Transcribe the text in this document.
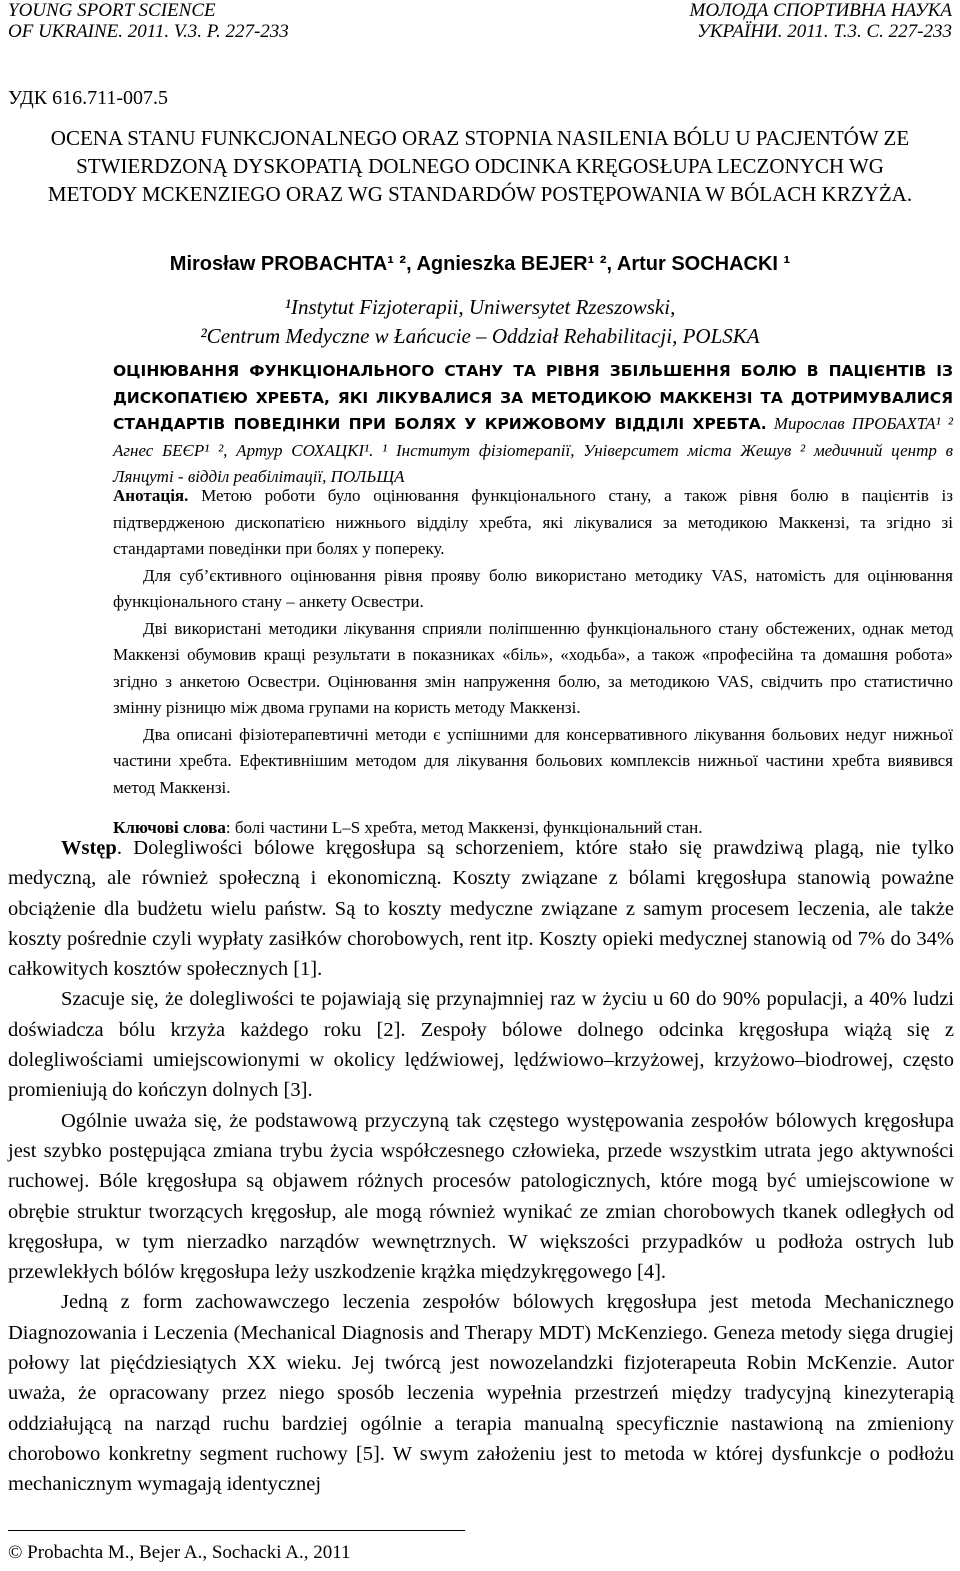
YOUNG SPORT SCIENCE
OF UKRAINE. 2011. V.3. P. 227-233
МОЛОДА СПОРТИВНА НАУКА
УКРАЇНИ. 2011. Т.3. С. 227-233
УДК 616.711-007.5
OCENA STANU FUNKCJONALNEGO ORAZ STOPNIA NASILENIA BÓLU U PACJENTÓW ZE STWIERDZONĄ DYSKOPATIĄ DOLNEGO ODCINKA KRĘGOSŁUPA LECZONYCH WG METODY MCKENZIEGO ORAZ WG STANDARDÓW POSTĘPOWANIA W BÓLACH KRZYŻA.
Mirosław PROBACHTA¹ ², Agnieszka BEJER¹ ², Artur SOCHACKI ¹
¹Instytut Fizjoterapii, Uniwersytet Rzeszowski,
²Centrum Medyczne w Łańcucie – Oddział Rehabilitacji, POLSKA
ОЦІНЮВАННЯ ФУНКЦІОНАЛЬНОГО СТАНУ ТА РІВНЯ ЗБІЛЬШЕННЯ БОЛЮ В ПАЦІЄНТІВ ІЗ ДИСКОПАТІЄЮ ХРЕБТА, ЯКІ ЛІКУВАЛИСЯ ЗА МЕТОДИКОЮ МАККЕНЗІ ТА ДОТРИМУВАЛИСЯ СТАНДАРТІВ ПОВЕДІНКИ ПРИ БОЛЯХ У КРИЖОВОМУ ВІДДІЛІ ХРЕБТА. Мирослав ПРОБАХТА¹ ² Агнес БЕЄР¹ ², Артур СОХАЦКІ¹. ¹ Інститут фізіотерапії, Університет міста Жешув ² медичний центр в Лянцуті - відділ реабілітації, ПОЛЬЩА

Анотація. Метою роботи було оцінювання функціонального стану, а також рівня болю в пацієнтів із підтвердженою дископатією нижнього відділу хребта, які лікувалися за методикою Маккензі, та згідно зі стандартами поведінки при болях у попереку.

Для суб’єктивного оцінювання рівня прояву болю використано методику VAS, натомість для оцінювання функціонального стану – анкету Освестри.

Дві використані методики лікування сприяли поліпшенню функціонального стану обстежених, однак метод Маккензі обумовив кращі результати в показниках «біль», «ходьба», а також «професійна та домашня робота» згідно з анкетою Освестри. Оцінювання змін напруження болю, за методикою VAS, свідчить про статистично змінну різницю між двома групами на користь методу Маккензі.

Два описані фізіотерапевтичні методи є успішними для консервативного лікування больових недуг нижньої частини хребта. Ефективнішим методом для лікування больових комплексів нижньої частини хребта виявився метод Маккензі.

Ключові слова: болі частини L–S хребта, метод Маккензі, функціональний стан.

Wstęp. Dolegliwości bólowe kręgosłupa są schorzeniem, które stało się prawdziwą plagą, nie tylko medyczną, ale również społeczną i ekonomiczną. Koszty związane z bólami kręgosłupa stanowią poważne obciążenie dla budżetu wielu państw. Są to koszty medyczne związane z samym procesem leczenia, ale także koszty pośrednie czyli wypłaty zasiłków chorobowych, rent itp. Koszty opieki medycznej stanowią od 7% do 34% całkowitych kosztów społecznych [1].

Szacuje się, że dolegliwości te pojawiają się przynajmniej raz w życiu u 60 do 90% populacji, a 40% ludzi doświadcza bólu krzyża każdego roku [2]. Zespoły bólowe dolnego odcinka kręgosłupa wiążą się z dolegliwościami umiejscowionymi w okolicy lędźwiowej, lędźwiowo–krzyżowej, krzyżowo–biodrowej, często promieniują do kończyn dolnych [3].

Ogólnie uważa się, że podstawową przyczyną tak częstego występowania zespołów bólowych kręgosłupa jest szybko postępująca zmiana trybu życia współczesnego człowieka, przede wszystkim utrata jego aktywności ruchowej. Bóle kręgosłupa są objawem różnych procesów patologicznych, które mogą być umiejscowione w obrębie struktur tworzących kręgosłup, ale mogą również wynikać ze zmian chorobowych tkanek odległych od kręgosłupa, w tym nierzadko narządów wewnętrznych. W większości przypadków u podłoża ostrych lub przewlekłych bólów kręgosłupa leży uszkodzenie krążka międzykręgowego [4].

Jedną z form zachowawczego leczenia zespołów bólowych kręgosłupa jest metoda Mechanicznego Diagnozowania i Leczenia (Mechanical Diagnosis and Therapy MDT) McKenziego. Geneza metody sięga drugiej połowy lat pięćdziesiątych XX wieku. Jej twórcą jest nowozelandzki fizjoterapeuta Robin McKenzie. Autor uważa, że opracowany przez niego sposób leczenia wypełnia przestrzeń między tradycyjną kinezyterapią oddziałującą na narząd ruchu bardziej ogólnie a terapia manualną specyficznie nastawioną na zmieniony chorobowo konkretny segment ruchowy [5]. W swym założeniu jest to metoda w której dysfunkcje o podłożu mechanicznym wymagają identycznej

© Probachta M., Bejer A., Sochacki A., 2011
